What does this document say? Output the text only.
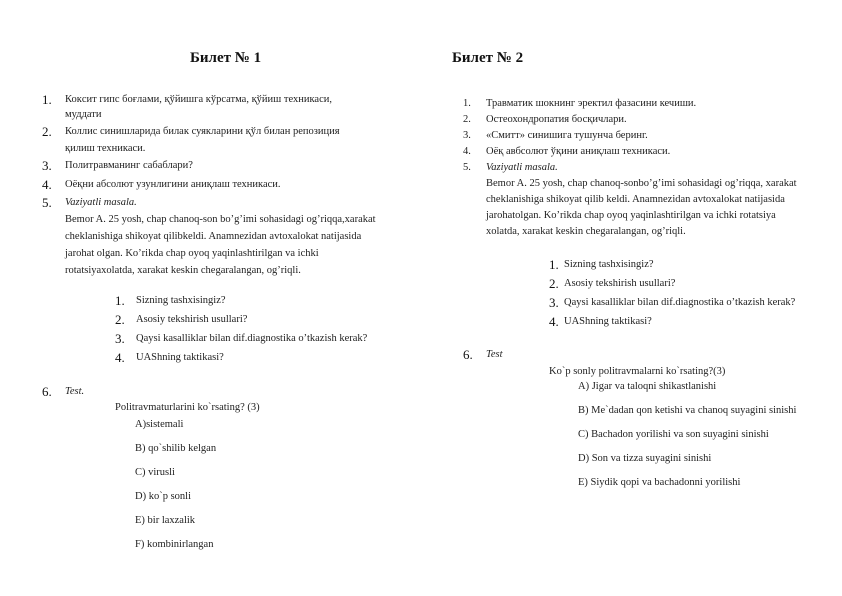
Билет № 1
1. Кокcит гипс боғлами, қўйишга кўрсатма, қўйиш техникаси,
муддати
2. Коллис синишларида билак суякларини қўл билан репозиция
қилиш техникаси.
3. Политравманинг сабаблари?
4. Оёқни абсолют узунлигини аниқлаш техникаси.
5. Vaziyatli masala.
Bemor A. 25 yosh, chap chanoq-son bo’g’imi sohasidagi og’riqqa,xarakat
cheklanishiga shikoyat qilibkeldi. Anamnezidan avtoxalokat natijasida
jarohat olgan. Ko’rikda chap oyoq yaqinlashtirilgan va ichki
rotatsiyaxolatda, xarakat keskin chegaralangan, og’riqli.
1. Sizning tashxisingiz?
2. Asosiy tekshirish usullari?
3. Qaysi kasalliklar bilan dif.diagnostika o’tkazish kerak?
4. UAShning taktikasi?
6. Test.
Politravmaturlarini ko`rsating? (3)
A)sistemali
B) qo`shilib kelgan
C) virusli
D) ko`p sonli
E) bir laxzalik
F) kombinirlangan
Билет № 2
1. Травматик шокнинг эректил фазасини кечиши.
2. Остеохондропатия босқичлари.
3. «Смитт» синишига тушунча беринг.
4. Оёқ авбсолют ўқини аниқлаш техникаси.
5. Vaziyatli masala.
Bemor A. 25 yosh, chap chanoq-sonbo’g’imi sohasidagi og’riqqa, xarakat
cheklanishiga shikoyat qilib keldi. Anamnezidan avtoxalokat natijasida
jarohatolgan. Ko’rikda chap oyoq yaqinlashtirilgan va ichki rotatsiya
xolatda, xarakat keskin chegaralangan, og’riqli.
1. Sizning tashxisingiz?
2. Asosiy tekshirish usullari?
3. Qaysi kasalliklar bilan dif.diagnostika o’tkazish kerak?
4. UAShning taktikasi?
6. Test
Ko`p sonly politravmalarni ko`rsating?(3)
A) Jigar va taloqni shikastlanishi
B) Me`dadan qon ketishi va chanoq suyagini sinishi
C) Bachadon yorilishi va son suyagini sinishi
D) Son va tizza suyagini sinishi
E) Siydik qopi va bachadonni yorilishi
